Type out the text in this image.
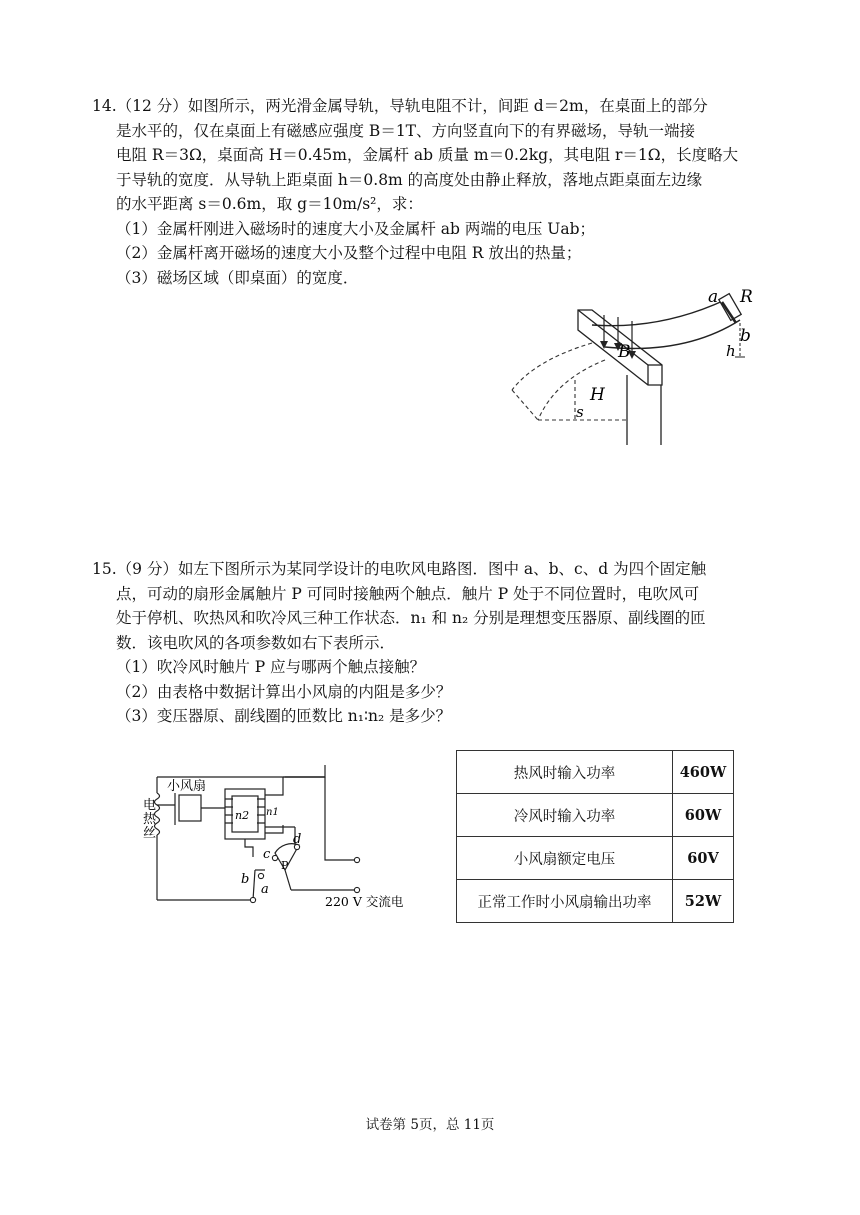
14.（12 分）如图所示，两光滑金属导轨，导轨电阻不计，间距 d＝2m，在桌面上的部分

是水平的，仅在桌面上有磁感应强度 B＝1T、方向竖直向下的有界磁场，导轨一端接

电阻 R＝3Ω，桌面高 H＝0.45m，金属杆 ab 质量 m＝0.2kg，其电阻 r＝1Ω，长度略大

于导轨的宽度．从导轨上距桌面 h＝0.8m 的高度处由静止释放，落地点距桌面左边缘

的水平距离 s＝0.6m，取 g＝10m/s²，求：

（1）金属杆刚进入磁场时的速度大小及金属杆 ab 两端的电压 Uab；

（2）金属杆离开磁场的速度大小及整个过程中电阻 R 放出的热量；

（3）磁场区域（即桌面）的宽度．

a R
b
B	h
H
s

15.（9 分）如左下图所示为某同学设计的电吹风电路图．图中 a、b、c、d 为四个固定触

点，可动的扇形金属触片 P 可同时接触两个触点．触片 P 处于不同位置时，电吹风可

处于停机、吹热风和吹冷风三种工作状态．n₁ 和 n₂ 分别是理想变压器原、副线圈的匝

数．该电吹风的各项参数如右下表所示．

（1）吹冷风时触片 P 应与哪两个触点接触？

（2）由表格中数据计算出小风扇的内阻是多少？

（3）变压器原、副线圈的匝数比 n₁∶n₂ 是多少？

电
热
丝
小风扇
n2 n1
a
b
c
d
P
220 V 交流电
热风时输入功率	460W
冷风时输入功率	60W
小风扇额定电压	60V
正常工作时小风扇输出功率	52W
试卷第 5页，总 11页
